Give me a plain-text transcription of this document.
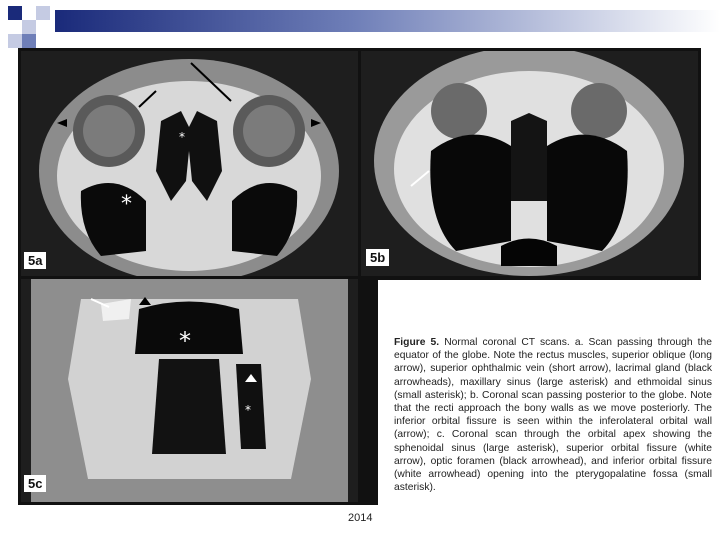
*
*
5a	5b
*
*
5c
Figure 5. Normal coronal CT scans. a. Scan passing through the equator of the globe. Note the rectus muscles, superior oblique (long arrow), superior ophthalmic vein (short arrow), lacrimal gland (black arrowheads), maxillary sinus (large asterisk) and ethmoidal sinus (small asterisk); b. Coronal scan passing posterior to the globe. Note that the recti approach the bony walls as we move posteriorly. The inferior orbital fissure is seen within the inferolateral orbital wall (arrow); c. Coronal scan through the orbital apex showing the sphenoidal sinus (large asterisk), superior orbital fissure (white arrow), optic foramen (black arrowhead), and inferior orbital fissure (white arrowhead) opening into the pterygopalatine fossa (small asterisk).
2014
